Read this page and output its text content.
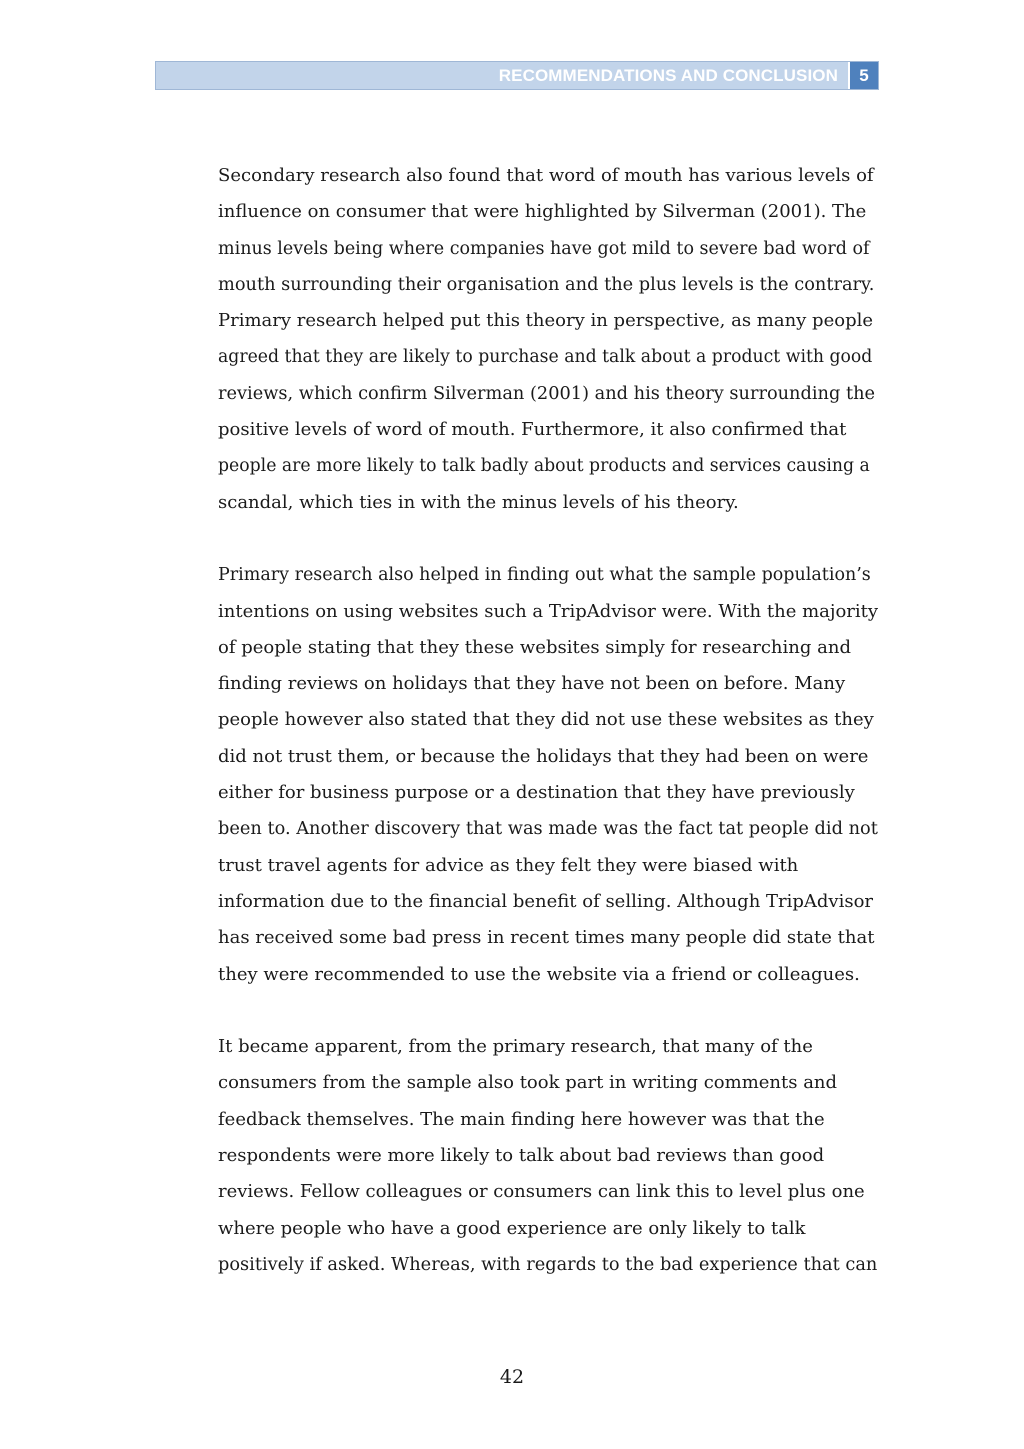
RECOMMENDATIONS AND CONCLUSION	5

Secondary research also found that word of mouth has various levels of
influence on consumer that were highlighted by Silverman (2001). The
minus levels being where companies have got mild to severe bad word of
mouth surrounding their organisation and the plus levels is the contrary.
Primary research helped put this theory in perspective, as many people
agreed that they are likely to purchase and talk about a product with good
reviews, which confirm Silverman (2001) and his theory surrounding the
positive levels of word of mouth. Furthermore, it also confirmed that
people are more likely to talk badly about products and services causing a
scandal, which ties in with the minus levels of his theory.

Primary research also helped in finding out what the sample population’s
intentions on using websites such a TripAdvisor were. With the majority
of people stating that they these websites simply for researching and
finding reviews on holidays that they have not been on before. Many
people however also stated that they did not use these websites as they
did not trust them, or because the holidays that they had been on were
either for business purpose or a destination that they have previously
been to. Another discovery that was made was the fact tat people did not
trust travel agents for advice as they felt they were biased with
information due to the financial benefit of selling. Although TripAdvisor
has received some bad press in recent times many people did state that
they were recommended to use the website via a friend or colleagues.

It became apparent, from the primary research, that many of the
consumers from the sample also took part in writing comments and
feedback themselves. The main finding here however was that the
respondents were more likely to talk about bad reviews than good
reviews. Fellow colleagues or consumers can link this to level plus one
where people who have a good experience are only likely to talk
positively if asked. Whereas, with regards to the bad experience that can

42
